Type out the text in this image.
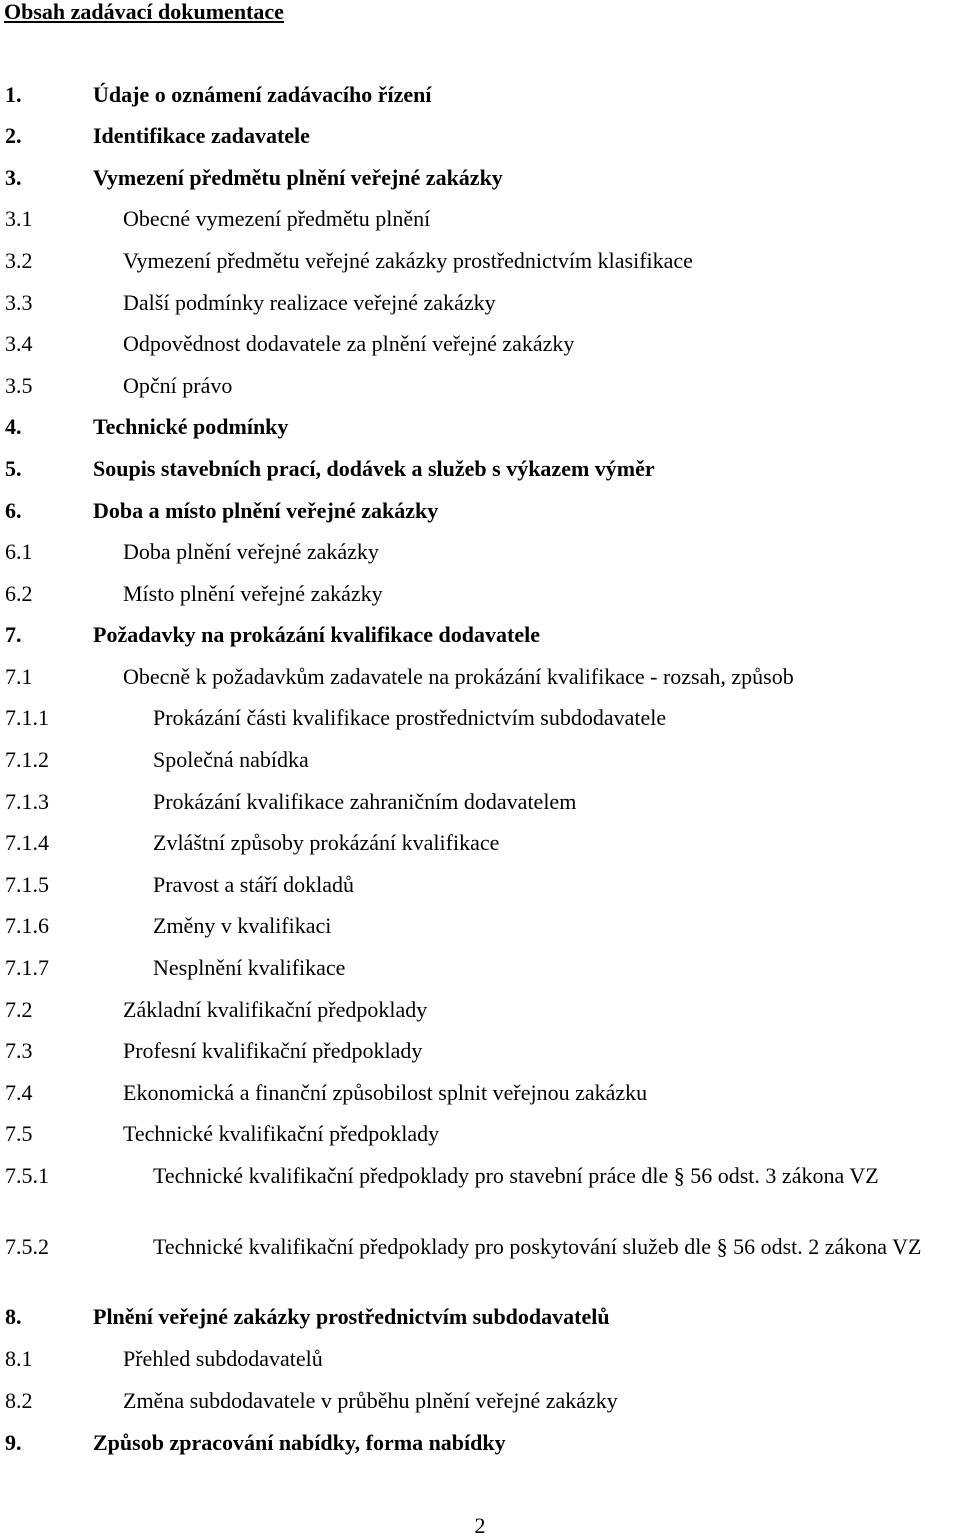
Obsah zadávací dokumentace
1.	Údaje o oznámení zadávacího řízení
2.	Identifikace zadavatele
3.	Vymezení předmětu plnění veřejné zakázky
3.1	Obecné vymezení předmětu plnění
3.2	Vymezení předmětu veřejné zakázky prostřednictvím klasifikace
3.3	Další podmínky realizace veřejné zakázky
3.4	Odpovědnost dodavatele za plnění veřejné zakázky
3.5	Opční právo
4.	Technické podmínky
5.	Soupis stavebních prací, dodávek a služeb s výkazem výměr
6.	Doba a místo plnění veřejné zakázky
6.1	Doba plnění veřejné zakázky
6.2	Místo plnění veřejné zakázky
7.	Požadavky na prokázání kvalifikace dodavatele
7.1	Obecně k požadavkům zadavatele na prokázání kvalifikace - rozsah, způsob
7.1.1	Prokázání části kvalifikace prostřednictvím subdodavatele
7.1.2	Společná nabídka
7.1.3	Prokázání kvalifikace zahraničním dodavatelem
7.1.4	Zvláštní způsoby prokázání kvalifikace
7.1.5	Pravost a stáří dokladů
7.1.6	Změny v kvalifikaci
7.1.7	Nesplnění kvalifikace
7.2	Základní kvalifikační předpoklady
7.3	Profesní kvalifikační předpoklady
7.4	Ekonomická a finanční způsobilost splnit veřejnou zakázku
7.5	Technické kvalifikační předpoklady
7.5.1	Technické kvalifikační předpoklady pro stavební práce dle § 56 odst. 3 zákona VZ
7.5.2	Technické kvalifikační předpoklady pro poskytování služeb dle § 56 odst. 2 zákona VZ
8.	Plnění veřejné zakázky prostřednictvím subdodavatelů
8.1	Přehled subdodavatelů
8.2	Změna subdodavatele v průběhu plnění veřejné zakázky
9.	Způsob zpracování nabídky, forma nabídky
2
